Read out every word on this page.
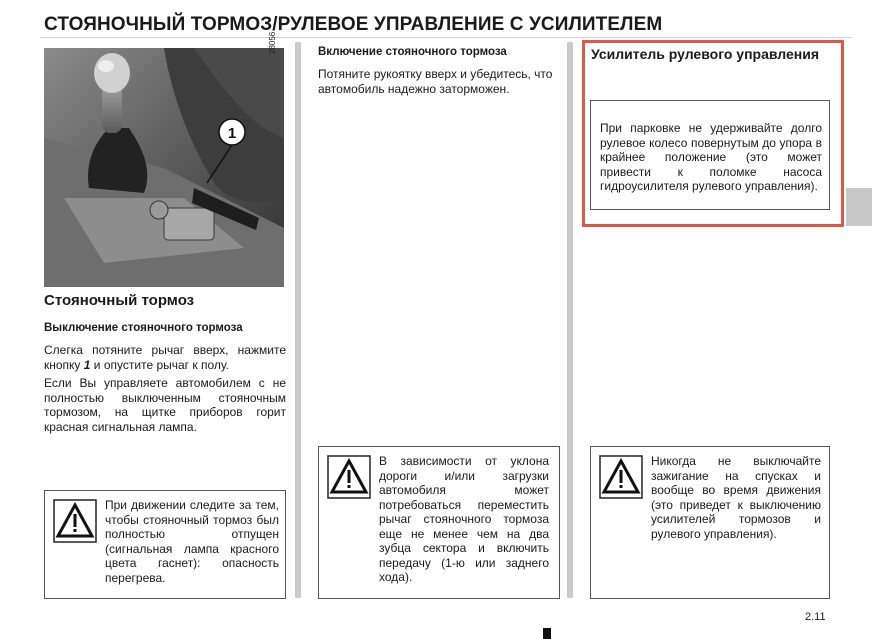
СТОЯНОЧНЫЙ ТОРМОЗ/РУЛЕВОЕ УПРАВЛЕНИЕ С УСИЛИТЕЛЕМ
1
28056
Стояночный тормоз
Выключение стояночного тормоза

Слегка потяните рычаг вверх, нажмите кнопку 1 и опустите рычаг к полу.

Если Вы управляете автомобилем с не полностью выключенным стояночным тормозом, на щитке приборов горит красная сигнальная лампа.

При движении следите за тем, чтобы стояночный тормоз был полностью отпущен (сигнальная лампа красного цвета гаснет): опасность перегрева.
Включение стояночного тормоза

Потяните рукоятку вверх и убедитесь, что автомобиль надежно заторможен.

В зависимости от уклона дороги и/или загрузки автомобиля может потребоваться переместить рычаг стояночного тормоза еще не менее чем на два зубца сектора и включить передачу (1-ю или заднего хода).
Усилитель рулевого управления
При парковке не удерживайте долго рулевое колесо повернутым до упора в крайнее положение (это может привести к поломке насоса гидроусилителя рулевого управления).
Никогда не выключайте зажигание на спусках и вообще во время движения (это приведет к выключению усилителей тормозов и рулевого управления).
2.11
